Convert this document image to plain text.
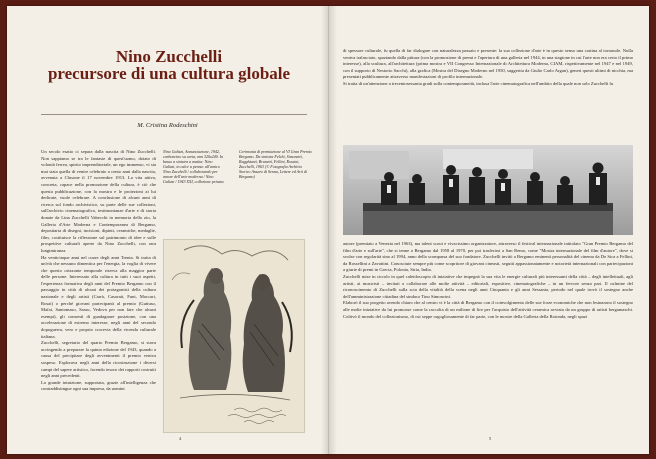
Nino Zucchelli
precursore di una cultura globale
M. Cristina Rodeschini

Un secolo esatto ci separa dalla nascita di Nino Zucchelli. Non sappiamo se tra le fantasie di quest'uomo, dotato di volontà ferrea, spirito imprenditoriale, un ego immenso, vi sia mai stata quella di venire celebrato a cento anni dalla nascita, avvenuta a Clusone il 17 novembre 1913. La vita attiva, concreta, capace nella promozione della cultura, è ciò che questa pubblicazione, con la mostra e le proiezioni ai lui dedicate, vuole celebrare. A conclusione di alcuni anni di ricerca sul fondo archivistico, su parte delle sue collezioni, sull'archivio cinematografico, testimonianze d'arte e di storia donate da Lina Zucchelli Vabecchi in memoria dello zio, la Galleria d'Arte Moderna e Contemporanea di Bergamo, depositaria di disegni, incisioni, dipinti, ceramiche, medaglie, film, costituisce la riflessione sul patrimonio di idee e sulle prospettive culturali aperte da Nino Zucchelli, con rara lungimiranza.

Ha venticinque anni nel cuore degli anni Trenta. Si tratta di un'età che nessuno dimentica per l'energia, la voglia di vivere che questo orizzonte temporale riserva alla maggior parte delle persone. Interessato alla cultura in tutti i suoi aspetti, l'esperienza formativa degli anni del Premio Bergamo con il passaggio in città di alcuni dei protagonisti della cultura nazionale e degli artisti (Carrà, Casorati, Funi, Maccari, Rosai) o perché giovani partecipanti al premio (Guttuso, Mafai, Santomaso, Sassu, Vedova per non fare che alcuni esempi), gli consentì di guadagnare posizione, con una accelerazione di estremo interesse, negli anni del secondo dopoguerra, vero e proprio crocevia della vicenda culturale italiana.

Zucchelli, segretario del quarto Premio Bergamo, si stava accingendo a preparare la quinta edizione del 1943, quando a causa del precipitare degli avvenimenti il premio venivа sospeso. Esplorava negli anni della ricostruzione i diversi campi del sapere artistico, facendo tesoro dei rapporti costruiti negli anni precedenti.

La grande intuizione, supportata, grazie all'intelligenza che contraddistingue ogni sua impresa, da uomini

Nino Galizzi, Annunciazione, 1942, carboncino su carta, mm 320x240. In basso a sinistra a matita: Nino Galizzi, in calce a penna: all'amico Nino Zucchelli / collaborando per amore dell'arte moderna / Nino Galizzi / 1943 XXI, collezione privata.
Cerimonia di premiazione al VI Gran Premio Bergamo. Da sinistra Felchi, Simonetti, Ragghianti, Brunetti, Fellini, Rossini, Zucchelli, 1963 (© Fotografia Archivio Storico Ansaro di Senna, Lettere ed Arti di Bergamo)
4

di spessore culturale, fu quella di far dialogare con naturalezza passato e presente: la sua collezione d'arte è in questo senso una cartina al tornasole. Nulla veniva tralasciato, spaziando dalla pittura (con la promozione di premi e l'apertura di una galleria nel 1944, in una stagione in cui l'arte non era certo il primo interesse), alla scultura, all'architettura (prima mostra e VII Congresso Internazionale di Architettura Moderna, CIAM, rispettivamente nel 1947 e nel 1949, con il supporto di Nestorio Sacchi), alla grafica (Mostra del Disegno Moderno nel 1950, suggerita da Giulio Carlo Argan), generi questi ultimi di nicchia, ma presentati pubblicamente attraverso manifestazioni di profilo internazionale.

Si tratta di un'attenzione a trecentosessanta gradi sulla contemporaneità, inclusa l'arte cinematografica nell'ambito della quale non solo Zucchelli fu

autore (premiato a Venezia nel 1963), ma talent scout e vivacissimo organizzatore, attraverso il festival internazionale intitolato "Gran Premio Bergamo del film d'arte e sull'arte", che si tenne a Bergamo dal 1958 al 1970, per poi trasferirsi a San Remo, come "Mostra internazionale del film d'autore", dove si svolse con regolarità sino al 1994, anno della scomparsa del suo fondatore. Zucchelli invitò a Bergamo eminenti personalità del cinema da De Sica a Fellini, da Rossellini a Zavattini. Conosciute sempre più come scopritore di giovani cineasti, seguiti appassionatamente e notorietà internazionali con partecipazioni a giurie di premi in Grecia, Polonia, Siria, India.

Zucchelli mise in circolo in quel caleidoscopio di iniziative che impegnò la sua vita le energie culturali più interessanti della città – degli intellettuali, agli artisti, ai musicisti – invitati a collaborare alle molte attività – editoriali, espositive, cinematografiche – in un fervore senza pari. Il culmine del riconoscimento di Zucchelli sulla scia della vitalità della scena negli anni Cinquanta e gli anni Sessanta, periodo nel quale trovò il sostegno anche dell'amministrazione cittadina del sindaco Tino Simoncini.

Elaborò il suo progetto avendo chiaro che al centro vi è la città di Bergamo con il coinvolgimento delle sue forze economiche che non lesinarono il sostegno alle molte iniziative da lui promosse come la raccolta di un milione di lire per l'acquisto dell'attività ceramica avviata da un gruppo di artisti bergamaschi. Coltivò il mondo del collezionismo, di cui seppe orgogliosamente di far parte, con le mostre della Galleria della Rotonda, negli spazi

5
